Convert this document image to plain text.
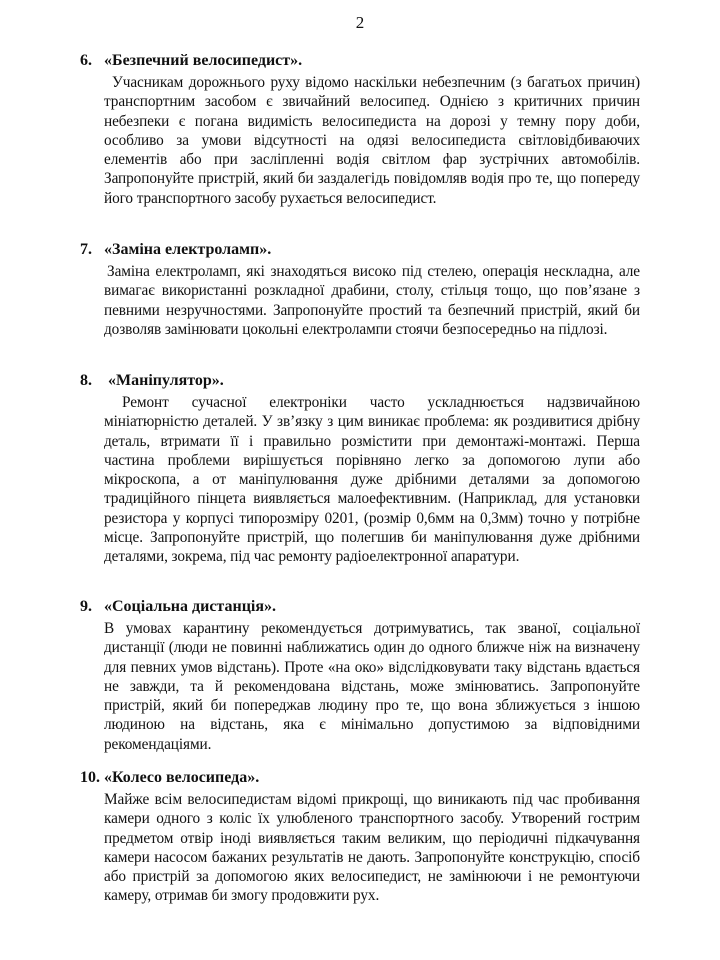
2
6. «Безпечний велосипедист».
Учасникам дорожнього руху відомо наскільки небезпечним (з багатьох причин) транспортним засобом є звичайний велосипед. Однією з критичних причин небезпеки є погана видимість велосипедиста на дорозі у темну пору доби, особливо за умови відсутності на одязі велосипедиста світловідбиваючих елементів або при засліпленні водія світлом фар зустрічних автомобілів. Запропонуйте пристрій, який би заздалегідь повідомляв водія про те, що попереду його транспортного засобу рухається велосипедист.
7. «Заміна електроламп».
Заміна електроламп, які знаходяться високо під стелею, операція нескладна, але вимагає використанні розкладної драбини, столу, стільця тощо, що пов’язане з певними незручностями. Запропонуйте простий та безпечний пристрій, який би дозволяв замінювати цокольні електролампи стоячи безпосередньо на підлозі.
8. «Маніпулятор».
Ремонт сучасної електроніки часто ускладнюється надзвичайною мініатюрністю деталей. У зв’язку з цим виникає проблема: як роздивитися дрібну деталь, втримати її і правильно розмістити при демонтажі-монтажі. Перша частина проблеми вирішується порівняно легко за допомогою лупи або мікроскопа, а от маніпулювання дуже дрібними деталями за допомогою традиційного пінцета виявляється малоефективним. (Наприклад, для установки резистора у корпусі типорозміру 0201, (розмір 0,6мм на 0,3мм) точно у потрібне місце. Запропонуйте пристрій, що полегшив би маніпулювання дуже дрібними деталями, зокрема, під час ремонту радіоелектронної апаратури.
9. «Соціальна дистанція».
В умовах карантину рекомендується дотримуватись, так званої, соціальної дистанції (люди не повинні наближатись один до одного ближче ніж на визначену для певних умов відстань). Проте «на око» відслідковувати таку відстань вдається не завжди, та й рекомендована відстань, може змінюватись. Запропонуйте пристрій, який би попереджав людину про те, що вона зближується з іншою людиною на відстань, яка є мінімально допустимою за відповідними рекомендаціями.
10. «Колесо велосипеда».
Майже всім велосипедистам відомі прикрощі, що виникають під час пробивання камери одного з коліс їх улюбленого транспортного засобу. Утворений гострим предметом отвір іноді виявляється таким великим, що періодичні підкачування камери насосом бажаних результатів не дають. Запропонуйте конструкцію, спосіб або пристрій за допомогою яких велосипедист, не замінюючи і не ремонтуючи камеру, отримав би змогу продовжити рух.
